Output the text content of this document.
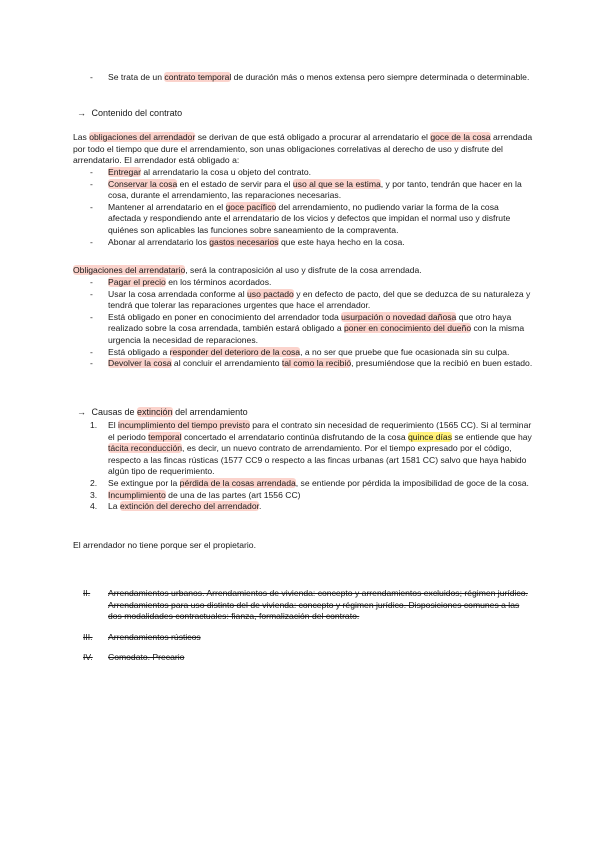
- Se trata de un contrato temporal de duración más o menos extensa pero siempre determinada o determinable.
→ Contenido del contrato

Las obligaciones del arrendador se derivan de que está obligado a procurar al arrendatario el goce de la cosa arrendada por todo el tiempo que dure el arrendamiento, son unas obligaciones correlativas al derecho de uso y disfrute del arrendatario. El arrendador está obligado a:

- Entregar al arrendatario la cosa u objeto del contrato.
- Conservar la cosa en el estado de servir para el uso al que se la estima, y por tanto, tendrán que hacer en la cosa, durante el arrendamiento, las reparaciones necesarias.
- Mantener al arrendatario en el goce pacífico del arrendamiento, no pudiendo variar la forma de la cosa afectada y respondiendo ante el arrendatario de los vicios y defectos que impidan el normal uso y disfrute quiénes son aplicables las funciones sobre saneamiento de la compraventa.
- Abonar al arrendatario los gastos necesarios que este haya hecho en la cosa.

Obligaciones del arrendatario, será la contraposición al uso y disfrute de la cosa arrendada.

- Pagar el precio en los términos acordados.
- Usar la cosa arrendada conforme al uso pactado y en defecto de pacto, del que se deduzca de su naturaleza y tendrá que tolerar las reparaciones urgentes que hace el arrendador.
- Está obligado en poner en conocimiento del arrendador toda usurpación o novedad dañosa que otro haya realizado sobre la cosa arrendada, también estará obligado a poner en conocimiento del dueño con la misma urgencia la necesidad de reparaciones.
- Está obligado a responder del deterioro de la cosa, a no ser que pruebe que fue ocasionada sin su culpa.
- Devolver la cosa al concluir el arrendamiento tal como la recibió, presumiéndose que la recibió en buen estado.
→ Causas de extinción del arrendamiento
1. El incumplimiento del tiempo previsto para el contrato sin necesidad de requerimiento (1565 CC). Si al terminar el periodo temporal concertado el arrendatario continúa disfrutando de la cosa quince días se entiende que hay tácita reconducción, es decir, un nuevo contrato de arrendamiento. Por el tiempo expresado por el código, respecto a las fincas rústicas (1577 CC9 o respecto a las fincas urbanas (art 1581 CC) salvo que haya habido algún tipo de requerimiento.
2. Se extingue por la pérdida de la cosas arrendada, se entiende por pérdida la imposibilidad de goce de la cosa.
3. Incumplimiento de una de las partes (art 1556 CC)
4. La extinción del derecho del arrendador.

El arrendador no tiene porque ser el propietario.

II. Arrendamientos urbanos. Arrendamientos de vivienda: concepto y arrendamientos excluidos; régimen jurídico. Arrendamientos para uso distinto del de vivienda: concepto y régimen jurídico. Disposiciones comunes a las dos modalidades contractuales: fianza, formalización del contrato.
III. Arrendamientos rústicos
IV. Comodato. Precario
